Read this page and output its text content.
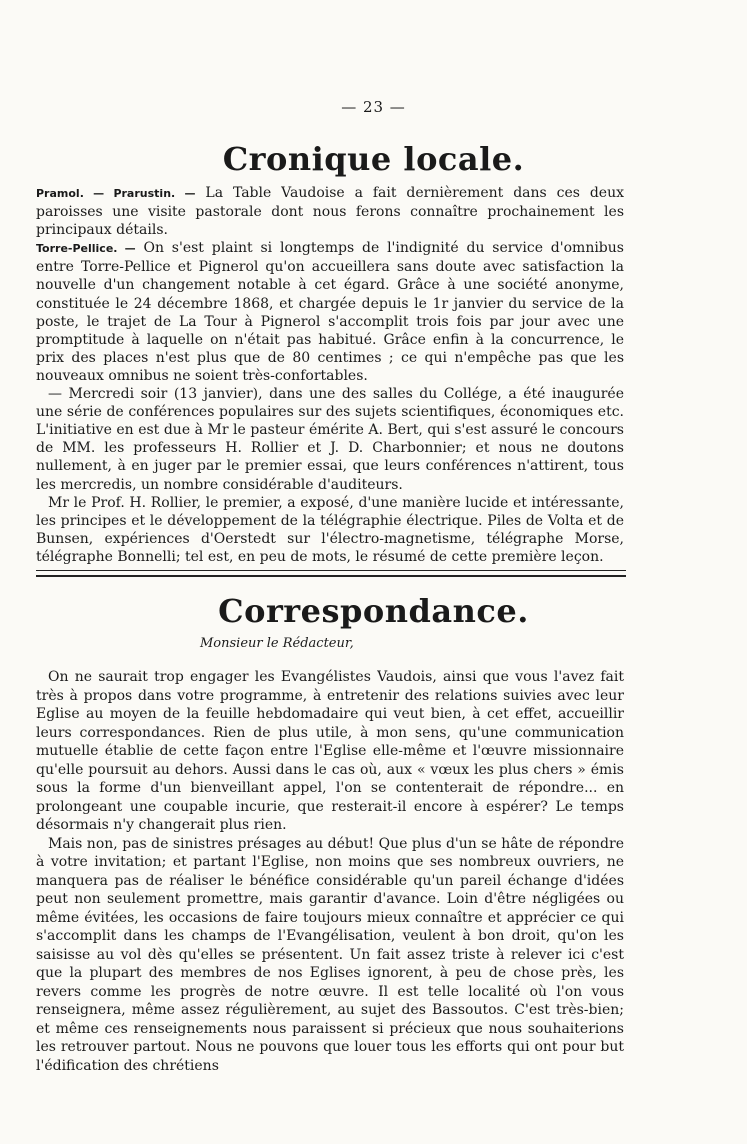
— 23 —
Cronique locale.

Pramol. — Prarustin. — La Table Vaudoise a fait dernièrement dans ces deux paroisses une visite pastorale dont nous ferons connaître prochainement les principaux détails.

Torre-Pellice. — On s'est plaint si longtemps de l'indignité du service d'omnibus entre Torre-Pellice et Pignerol qu'on accueillera sans doute avec satisfaction la nouvelle d'un changement notable à cet égard. Grâce à une société anonyme, constituée le 24 décembre 1868, et chargée depuis le 1r janvier du service de la poste, le trajet de La Tour à Pignerol s'accomplit trois fois par jour avec une promptitude à laquelle on n'était pas habitué. Grâce enfin à la concurrence, le prix des places n'est plus que de 80 centimes ; ce qui n'empêche pas que les nouveaux omnibus ne soient très-confortables.

— Mercredi soir (13 janvier), dans une des salles du Collége, a été inaugurée une série de conférences populaires sur des sujets scientifiques, économiques etc. L'initiative en est due à Mr le pasteur émérite A. Bert, qui s'est assuré le concours de MM. les professeurs H. Rollier et J. D. Charbonnier; et nous ne doutons nullement, à en juger par le premier essai, que leurs conférences n'attirent, tous les mercredis, un nombre considérable d'auditeurs.

Mr le Prof. H. Rollier, le premier, a exposé, d'une manière lucide et intéressante, les principes et le développement de la télégraphie électrique. Piles de Volta et de Bunsen, expériences d'Oerstedt sur l'électro-magnetisme, télégraphe Morse, télégraphe Bonnelli; tel est, en peu de mots, le résumé de cette première leçon.

Correspondance.
Monsieur le Rédacteur,

On ne saurait trop engager les Evangélistes Vaudois, ainsi que vous l'avez fait très à propos dans votre programme, à entretenir des relations suivies avec leur Eglise au moyen de la feuille hebdomadaire qui veut bien, à cet effet, accueillir leurs correspondances. Rien de plus utile, à mon sens, qu'une communication mutuelle établie de cette façon entre l'Eglise elle-même et l'œuvre missionnaire qu'elle poursuit au dehors. Aussi dans le cas où, aux « vœux les plus chers » émis sous la forme d'un bienveillant appel, l'on se contenterait de répondre... en prolongeant une coupable incurie, que resterait-il encore à espérer? Le temps désormais n'y changerait plus rien.

Mais non, pas de sinistres présages au début! Que plus d'un se hâte de répondre à votre invitation; et partant l'Eglise, non moins que ses nombreux ouvriers, ne manquera pas de réaliser le bénéfice considérable qu'un pareil échange d'idées peut non seulement promettre, mais garantir d'avance. Loin d'être négligées ou même évitées, les occasions de faire toujours mieux connaître et apprécier ce qui s'accomplit dans les champs de l'Evangélisation, veulent à bon droit, qu'on les saisisse au vol dès qu'elles se présentent. Un fait assez triste à relever ici c'est que la plupart des membres de nos Eglises ignorent, à peu de chose près, les revers comme les progrès de notre œuvre. Il est telle localité où l'on vous renseignera, même assez régulièrement, au sujet des Bassoutos. C'est très-bien; et même ces renseignements nous paraissent si précieux que nous souhaiterions les retrouver partout. Nous ne pouvons que louer tous les efforts qui ont pour but l'édification des chrétiens
